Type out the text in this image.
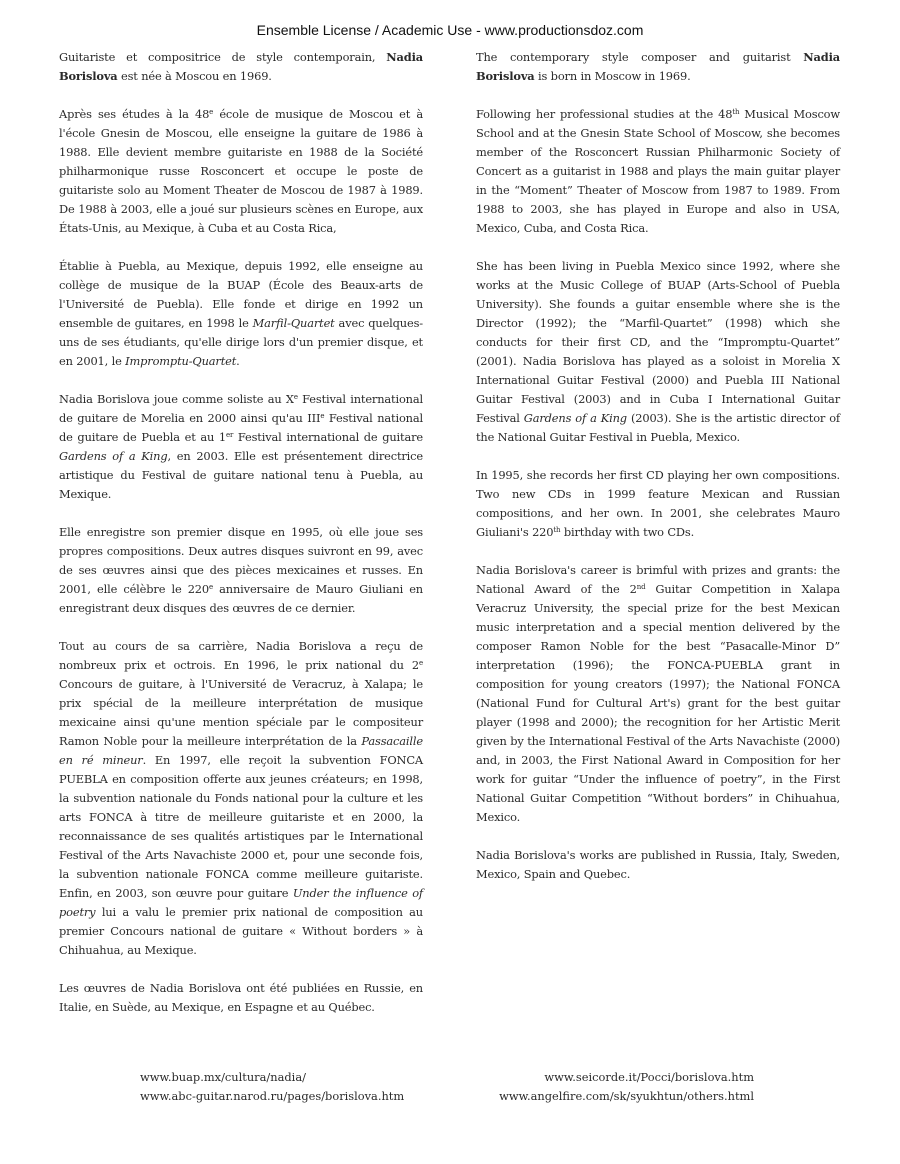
Ensemble License / Academic Use - www.productionsdoz.com

Guitariste et compositrice de style contemporain, Nadia Borislova est née à Moscou en 1969.

Après ses études à la 48e école de musique de Moscou et à l'école Gnesin de Moscou, elle enseigne la guitare de 1986 à 1988. Elle devient membre guitariste en 1988 de la Société philharmonique russe Rosconcert et occupe le poste de guitariste solo au Moment Theater de Moscou de 1987 à 1989. De 1988 à 2003, elle a joué sur plusieurs scènes en Europe, aux États-Unis, au Mexique, à Cuba et au Costa Rica,

Établie à Puebla, au Mexique, depuis 1992, elle enseigne au collège de musique de la BUAP (École des Beaux-arts de l'Université de Puebla). Elle fonde et dirige en 1992 un ensemble de guitares, en 1998 le Marfil-Quartet avec quelques-uns de ses étudiants, qu'elle dirige lors d'un premier disque, et en 2001, le Impromptu-Quartet.

Nadia Borislova joue comme soliste au Xe Festival international de guitare de Morelia en 2000 ainsi qu'au IIIe Festival national de guitare de Puebla et au 1er Festival international de guitare Gardens of a King, en 2003. Elle est présentement directrice artistique du Festival de guitare national tenu à Puebla, au Mexique.

Elle enregistre son premier disque en 1995, où elle joue ses propres compositions. Deux autres disques suivront en 99, avec de ses œuvres ainsi que des pièces mexicaines et russes. En 2001, elle célèbre le 220e anniversaire de Mauro Giuliani en enregistrant deux disques des œuvres de ce dernier.

Tout au cours de sa carrière, Nadia Borislova a reçu de nombreux prix et octrois. En 1996, le prix national du 2e Concours de guitare, à l'Université de Veracruz, à Xalapa; le prix spécial de la meilleure interprétation de musique mexicaine ainsi qu'une mention spéciale par le compositeur Ramon Noble pour la meilleure interprétation de la Passacaille en ré mineur. En 1997, elle reçoit la subvention FONCA PUEBLA en composition offerte aux jeunes créateurs; en 1998, la subvention nationale du Fonds national pour la culture et les arts FONCA à titre de meilleure guitariste et en 2000, la reconnaissance de ses qualités artistiques par le International Festival of the Arts Navachiste 2000 et, pour une seconde fois, la subvention nationale FONCA comme meilleure guitariste. Enfin, en 2003, son œuvre pour guitare Under the influence of poetry lui a valu le premier prix national de composition au premier Concours national de guitare « Without borders » à Chihuahua, au Mexique.

Les œuvres de Nadia Borislova ont été publiées en Russie, en Italie, en Suède, au Mexique, en Espagne et au Québec.

The contemporary style composer and guitarist Nadia Borislova is born in Moscow in 1969.

Following her professional studies at the 48th Musical Moscow School and at the Gnesin State School of Moscow, she becomes member of the Rosconcert Russian Philharmonic Society of Concert as a guitarist in 1988 and plays the main guitar player in the “Moment” Theater of Moscow from 1987 to 1989. From 1988 to 2003, she has played in Europe and also in USA, Mexico, Cuba, and Costa Rica.

She has been living in Puebla Mexico since 1992, where she works at the Music College of BUAP (Arts-School of Puebla University). She founds a guitar ensemble where she is the Director (1992); the “Marfil-Quartet” (1998) which she conducts for their first CD, and the “Impromptu-Quartet” (2001). Nadia Borislova has played as a soloist in Morelia X International Guitar Festival (2000) and Puebla III National Guitar Festival (2003) and in Cuba I International Guitar Festival Gardens of a King (2003). She is the artistic director of the National Guitar Festival in Puebla, Mexico.

In 1995, she records her first CD playing her own compositions. Two new CDs in 1999 feature Mexican and Russian compositions, and her own. In 2001, she celebrates Mauro Giuliani's 220th birthday with two CDs.

Nadia Borislova's career is brimful with prizes and grants: the National Award of the 2nd Guitar Competition in Xalapa Veracruz University, the special prize for the best Mexican music interpretation and a special mention delivered by the composer Ramon Noble for the best “Pasacalle-Minor D” interpretation (1996); the FONCA-PUEBLA grant in composition for young creators (1997); the National FONCA (National Fund for Cultural Art's) grant for the best guitar player (1998 and 2000); the recognition for her Artistic Merit given by the International Festival of the Arts Navachiste (2000) and, in 2003, the First National Award in Composition for her work for guitar “Under the influence of poetry”, in the First National Guitar Competition “Without borders” in Chihuahua, Mexico.

Nadia Borislova's works are published in Russia, Italy, Sweden, Mexico, Spain and Quebec.

www.buap.mx/cultura/nadia/
www.abc-guitar.narod.ru/pages/borislova.htm
www.seicorde.it/Pocci/borislova.htm
www.angelfire.com/sk/syukhtun/others.html
